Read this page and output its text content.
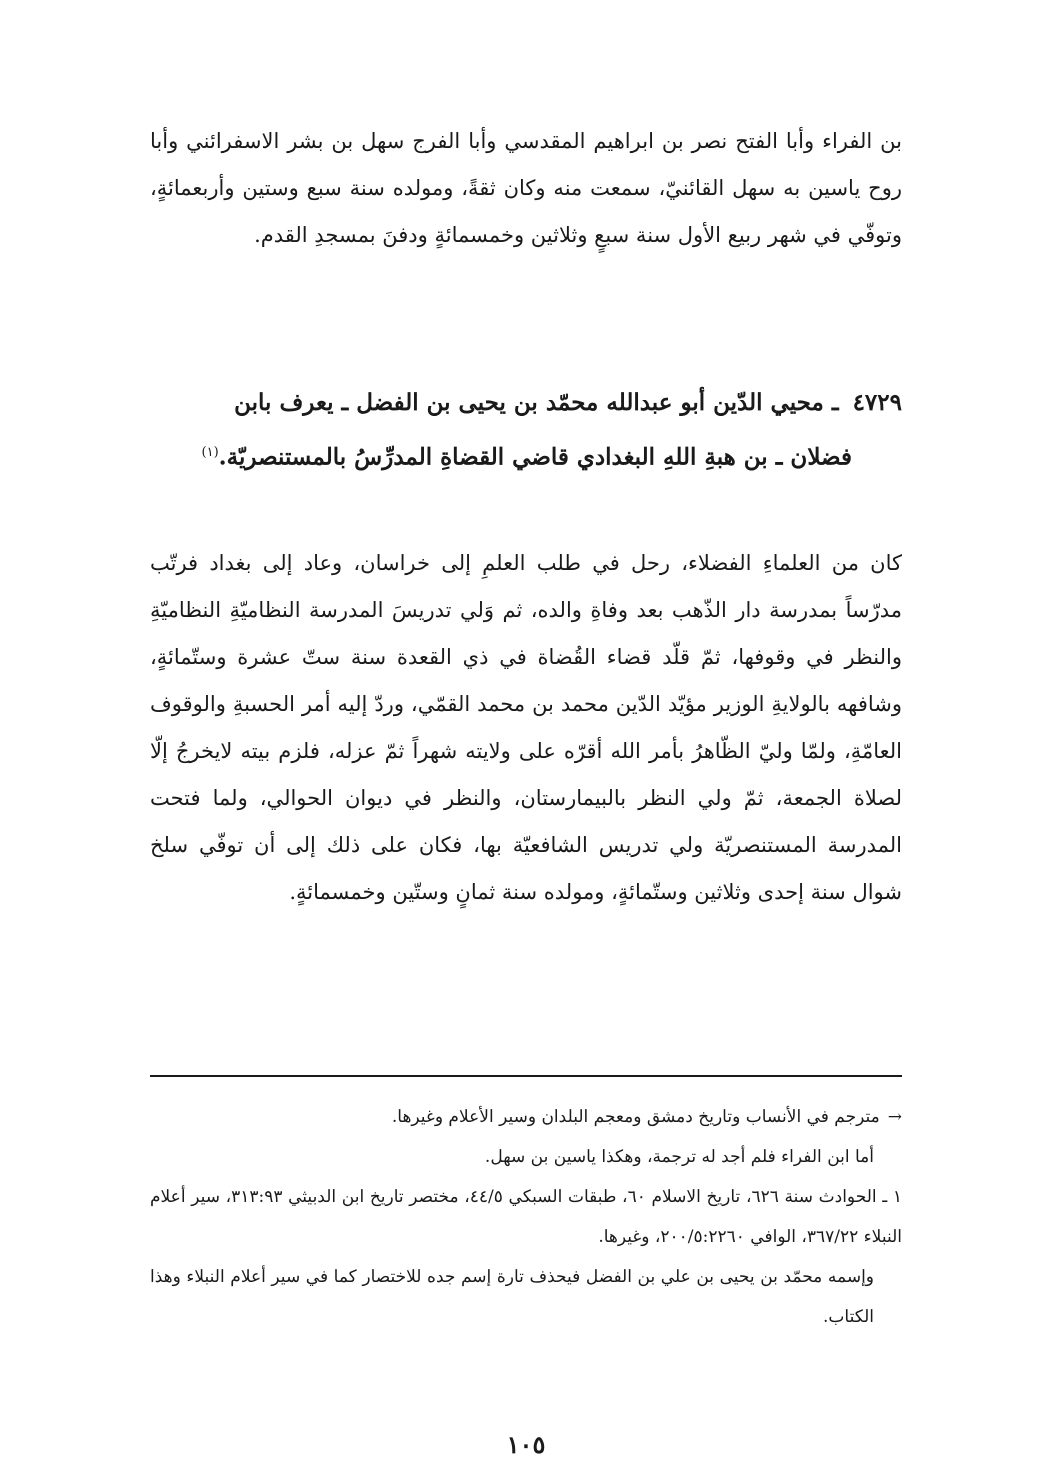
بن الفراء وأبا الفتح نصر بن ابراهيم المقدسي وأبا الفرج سهل بن بشر الاسفرائني وأبا روح ياسين به سهل القائنيّ، سمعت منه وكان ثقةً، ومولده سنة سبع وستين وأربعمائةٍ، وتوفّي في شهر ربيع الأول سنة سبعٍ وثلاثين وخمسمائةٍ ودفنَ بمسجدِ القدم.

٤٧٢٩ ـ محيي الدّين أبو عبدالله محمّد بن يحيى بن الفضل ـ يعرف بابن

فضلان ـ بن هبةِ اللهِ البغدادي قاضي القضاةِ المدرِّسُ بالمستنصريّة.$^{(١)}$

كان من العلماءِ الفضلاء، رحل في طلب العلمِ إلى خراسان، وعاد إلى بغداد فرتّب مدرّساً بمدرسة دار الذّهب بعد وفاةِ والده، ثم وَلي تدريسَ المدرسة النظاميّةِ النظاميّةِ والنظر في وقوفها، ثمّ قلّد قضاء القُضاة في ذي القعدة سنة ستّ عشرة وستّمائةٍ، وشافهه بالولايةِ الوزير مؤيّد الدّين محمد بن محمد القمّي، وردّ إليه أمر الحسبةِ والوقوف العامّةِ، ولمّا وليّ الظّاهرُ بأمر الله أقرّه على ولايته شهراً ثمّ عزله، فلزم بيته لايخرجُ إلّا لصلاة الجمعة، ثمّ ولي النظر بالبيمارستان، والنظر في ديوان الحوالي، ولما فتحت المدرسة المستنصريّة ولي تدريس الشافعيّة بها، فكان على ذلك إلى أن توفّي سلخ شوال سنة إحدى وثلاثين وستّمائةٍ، ومولده سنة ثمانٍ وستّين وخمسمائةٍ.

→مترجم في الأنساب وتاريخ دمشق ومعجم البلدان وسير الأعلام وغيرها.

أما ابن الفراء فلم أجد له ترجمة، وهكذا ياسين بن سهل.

١ ـ الحوادث سنة ٦٢٦، تاريخ الاسلام ٦٠، طبقات السبكي ٤٤/٥، مختصر تاريخ ابن الدبيثي ٣١٣:٩٣، سير أعلام النبلاء ٣٦٧/٢٢، الوافي ٢٠٠/٥:٢٢٦٠، وغيرها.

وإسمه محمّد بن يحيى بن علي بن الفضل فيحذف تارة إسم جده للاختصار كما في سير أعلام النبلاء وهذا الكتاب.

١٠٥
